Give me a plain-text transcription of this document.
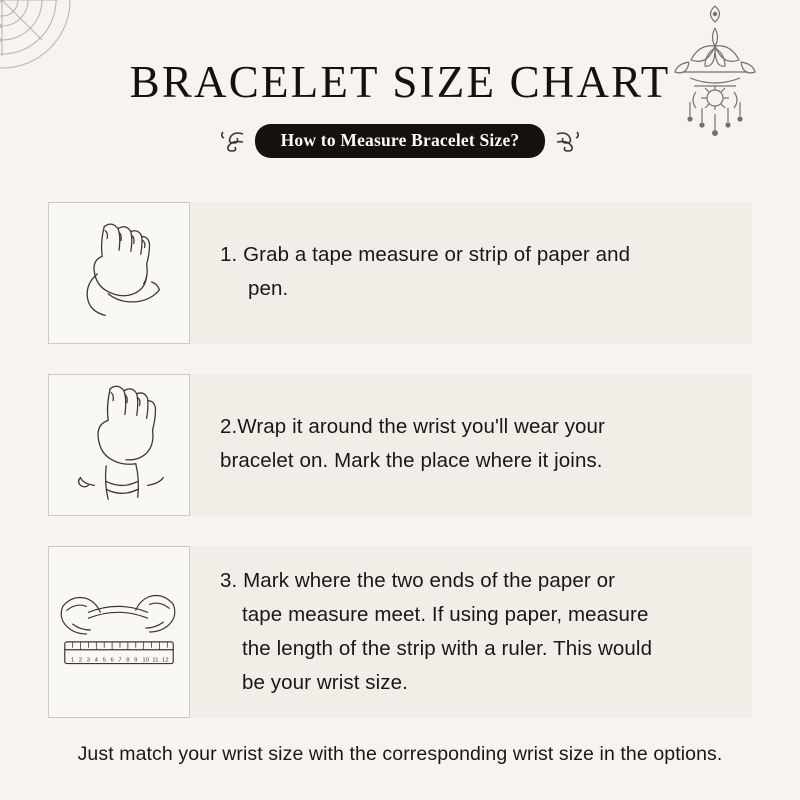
BRACELET SIZE CHART
How to Measure Bracelet Size?
1. Grab a tape measure or strip of paper and
pen.
2.Wrap it around the wrist you'll wear your
bracelet on. Mark the place where it joins.
1 2 3 4 5 6 7 8 9 10 11 12
3. Mark where the two ends of the paper or
tape measure meet. If using paper, measure
the length of the strip with a ruler. This would
be your wrist size.
Just match your wrist size with the corresponding wrist size in the options.
